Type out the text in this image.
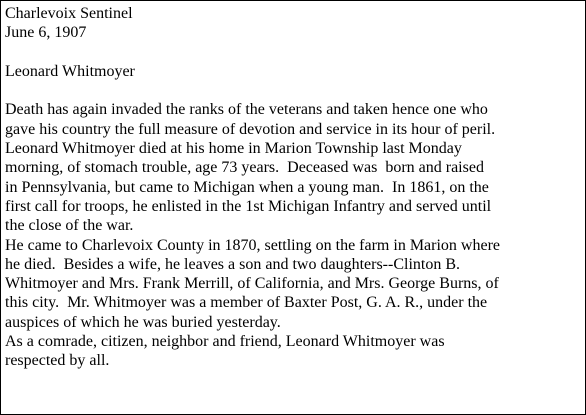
Charlevoix Sentinel
June 6, 1907
Leonard Whitmoyer
Death has again invaded the ranks of the veterans and taken hence one who
gave his country the full measure of devotion and service in its hour of peril.
Leonard Whitmoyer died at his home in Marion Township last Monday
morning, of stomach trouble, age 73 years.  Deceased was  born and raised
in Pennsylvania, but came to Michigan when a young man.  In 1861, on the
first call for troops, he enlisted in the 1st Michigan Infantry and served until
the close of the war.
He came to Charlevoix County in 1870, settling on the farm in Marion where
he died.  Besides a wife, he leaves a son and two daughters--Clinton B.
Whitmoyer and Mrs. Frank Merrill, of California, and Mrs. George Burns, of
this city.  Mr. Whitmoyer was a member of Baxter Post, G. A. R., under the
auspices of which he was buried yesterday.
As a comrade, citizen, neighbor and friend, Leonard Whitmoyer was
respected by all.
